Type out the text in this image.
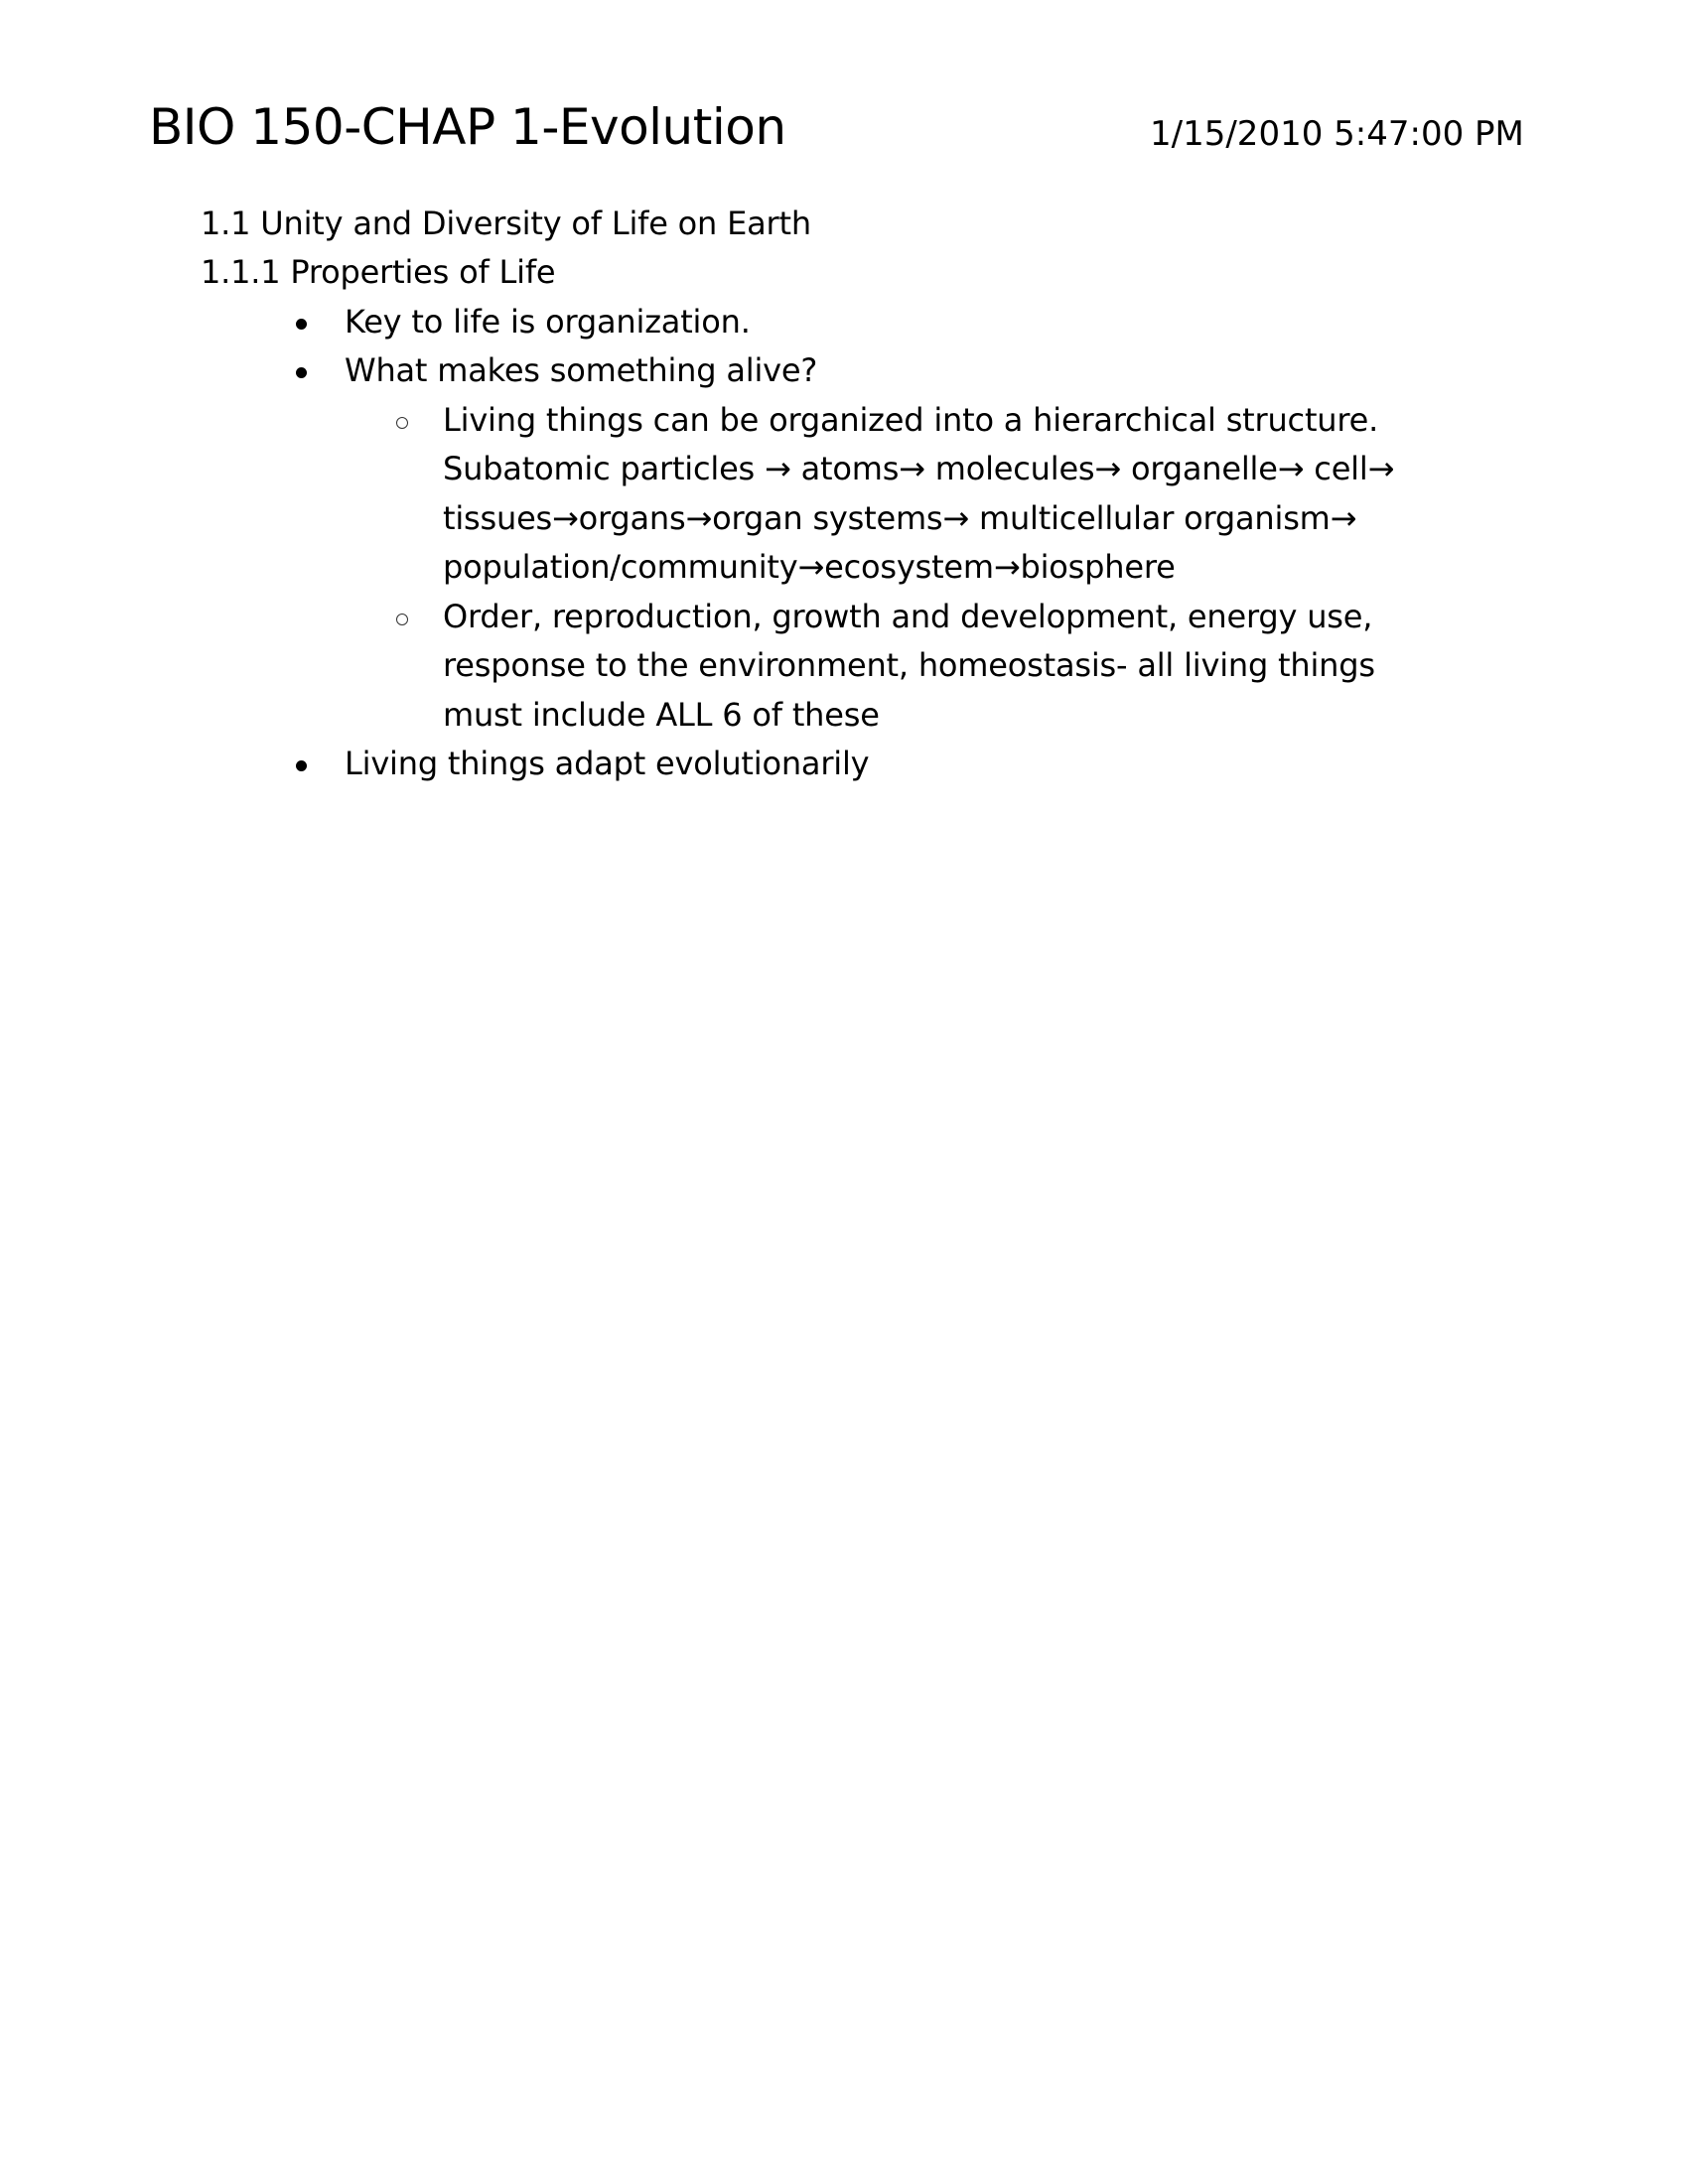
BIO 150-CHAP 1-Evolution	1/15/2010 5:47:00 PM
1.1 Unity and Diversity of Life on Earth
1.1.1 Properties of Life
Key to life is organization.
What makes something alive?
Living things can be organized into a hierarchical structure.
Subatomic particles → atoms→ molecules→ organelle→ cell→
tissues→organs→organ systems→ multicellular organism→
population/community→ecosystem→biosphere
Order, reproduction, growth and development, energy use,
response to the environment, homeostasis- all living things
must include ALL 6 of these
Living things adapt evolutionarily
